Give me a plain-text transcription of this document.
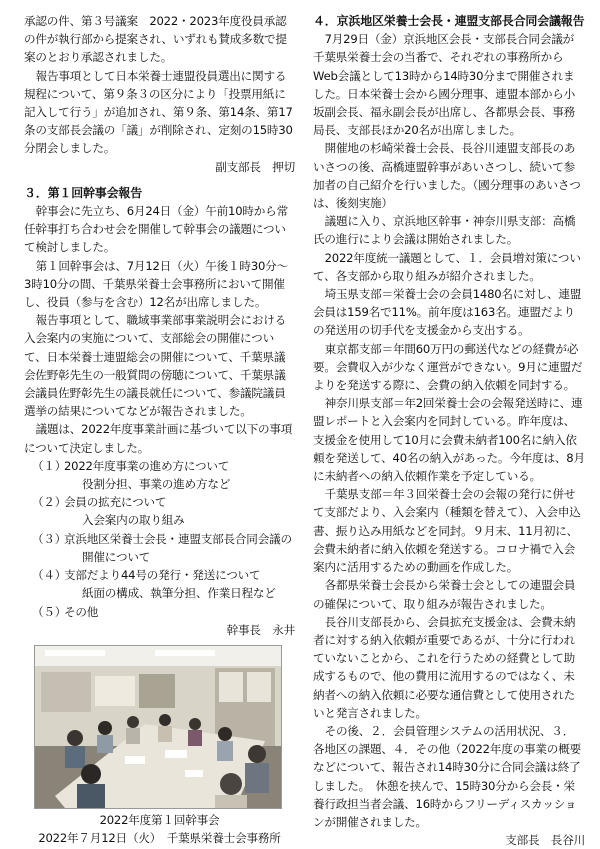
承認の件、第３号議案　2022・2023年度役員承認の件が執行部から提案され、いずれも賛成多数で提案のとおり承認されました。

報告事項として日本栄養士連盟役員選出に関する規程について、第９条３の区分により「投票用紙に記入して行う」が追加され、第９条、第14条、第17条の支部長会議の「議」が削除され、定刻の15時30分閉会しました。

副支部長　押切

３．第１回幹事会報告

幹事会に先立ち、6月24日（金）午前10時から常任幹事打ち合わせ会を開催して幹事会の議題について検討しました。

第１回幹事会は、7月12日（火）午後１時30分～3時10分の間、千葉県栄養士会事務所において開催し、役員（参与を含む）12名が出席しました。

報告事項として、職域事業部事業説明会における入会案内の実施について、支部総会の開催について、日本栄養士連盟総会の開催について、千葉県議会佐野彰先生の一般質問の傍聴について、千葉県議会議員佐野彰先生の議長就任について、参議院議員選挙の結果についてなどが報告されました。

議題は、2022年度事業計画に基づいて以下の事項について決定しました。

（１）
2022年度事業の進め方について
役割分担、事業の進め方など
（２）
会員の拡充について
入会案内の取り組み
（３）
京浜地区栄養士会長・連盟支部長合同会議の
開催について
（４）
支部だより44号の発行・発送について
紙面の構成、執筆分担、作業日程など
（５）
その他

幹事長　永井

2022年度第１回幹事会

2022年７月12日（火）　千葉県栄養士会事務所

４．京浜地区栄養士会長・連盟支部長合同会議報告

7月29日（金）京浜地区会長・支部長合同会議が千葉県栄養士会の当番で、それぞれの事務所からWeb会議として13時から14時30分まで開催されました。日本栄養士会から國分理事、連盟本部から小坂副会長、福永副会長が出席し、各都県会長、事務局長、支部長ほか20名が出席しました。

開催地の杉崎栄養士会長、長谷川連盟支部長のあいさつの後、高橋連盟幹事があいさつし、続いて参加者の自己紹介を行いました。（國分理事のあいさつは、後刻実施）

議題に入り、京浜地区幹事・神奈川県支部：高橋氏の進行により会議は開始されました。

2022年度統一議題として、１．会員増対策について、各支部から取り組みが紹介されました。

埼玉県支部＝栄養士会の会員1480名に対し、連盟会員は159名で11%。前年度は163名。連盟だよりの発送用の切手代を支援金から支出する。

東京都支部＝年間60万円の郵送代などの経費が必要。会費収入が少なく運営ができない。9月に連盟だよりを発送する際に、会費の納入依頼を同封する。

神奈川県支部＝年2回栄養士会の会報発送時に、連盟レポートと入会案内を同封している。昨年度は、支援金を使用して10月に会費未納者100名に納入依頼を発送して、40名の納入があった。今年度は、8月に未納者への納入依頼作業を予定している。

千葉県支部＝年３回栄養士会の会報の発行に併せて支部だより、入会案内（種類を替えて）、入会申込書、振り込み用紙などを同封。９月末、11月初に、会費未納者に納入依頼を発送する。コロナ禍で入会案内に活用するための動画を作成した。

各都県栄養士会長から栄養士会としての連盟会員の確保について、取り組みが報告されました。

長谷川支部長から、会員拡充支援金は、会費未納者に対する納入依頼が重要であるが、十分に行われていないことから、これを行うための経費として助成するもので、他の費用に流用するのではなく、未納者への納入依頼に必要な通信費として使用されたいと発言されました。

その後、２．会員管理システムの活用状況、３．各地区の課題、４．その他（2022年度の事業の概要などについて、報告され14時30分に合同会議は終了しました。　休憩を挟んで、15時30分から会長・栄養行政担当者会議、16時からフリーディスカッションが開催されました。

支部長　長谷川
